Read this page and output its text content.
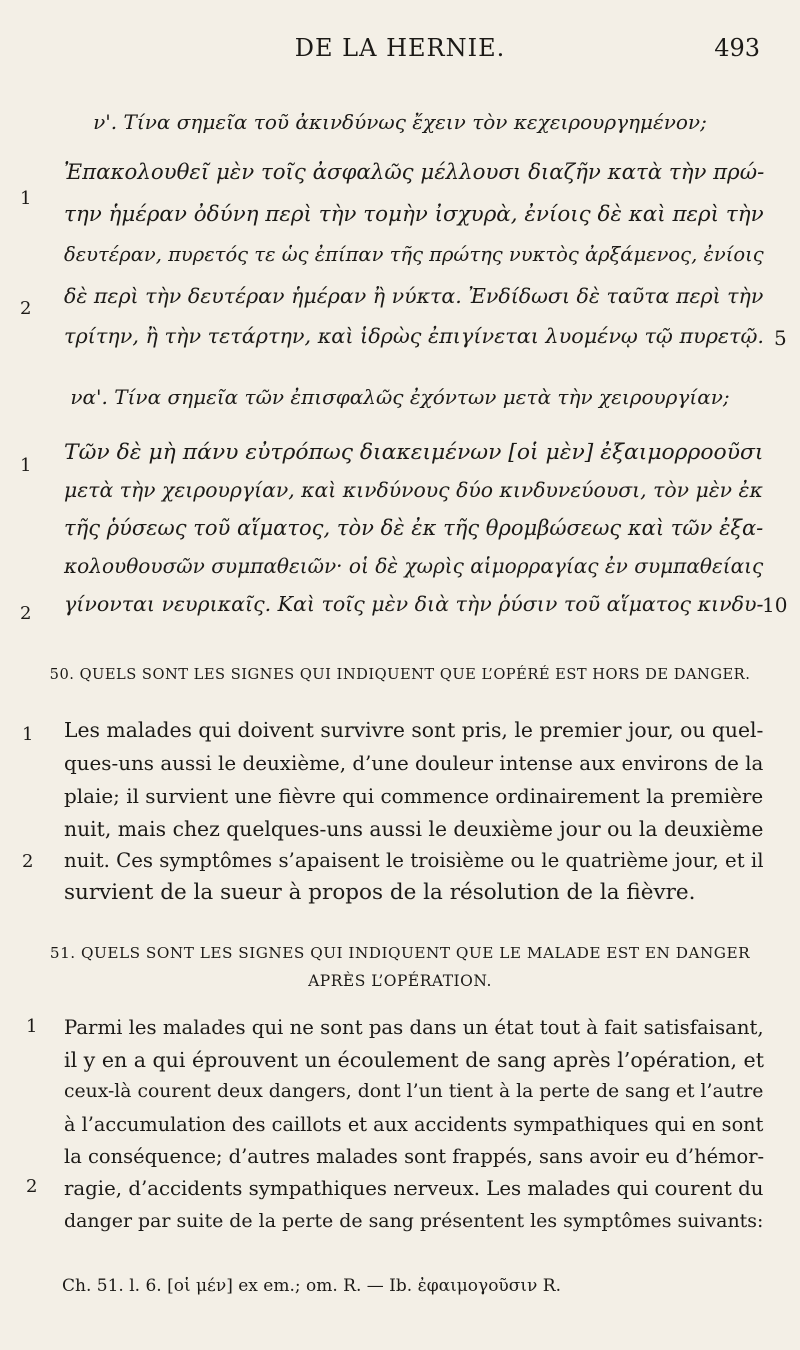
DE LA HERNIE.	493
ν'. Τίνα σημεῖα τοῦ ἀκινδύνως ἔχειν τὸν κεχειρουργημένον;
Ἐπακολουθεῖ μὲν τοῖς ἀσφαλῶς μέλλουσι διαζῆν κατὰ τὴν πρώ-
την ἡμέραν ὀδύνη περὶ τὴν τομὴν ἰσχυρὰ, ἐνίοις δὲ καὶ περὶ τὴν
δευτέραν, πυρετός τε ὡς ἐπίπαν τῆς πρώτης νυκτὸς ἀρξάμενος, ἐνίοις
δὲ περὶ τὴν δευτέραν ἡμέραν ἢ νύκτα. Ἐνδίδωσι δὲ ταῦτα περὶ τὴν
τρίτην, ἢ τὴν τετάρτην, καὶ ἱδρὼς ἐπιγίνεται λυομένῳ τῷ πυρετῷ.
1
2
5
να'. Τίνα σημεῖα τῶν ἐπισφαλῶς ἐχόντων μετὰ τὴν χειρουργίαν;
Τῶν δὲ μὴ πάνυ εὐτρόπως διακειμένων [οἱ μὲν] ἐξαιμορροοῦσι
μετὰ τὴν χειρουργίαν, καὶ κινδύνους δύο κινδυνεύουσι, τὸν μὲν ἐκ
τῆς ῥύσεως τοῦ αἵματος, τὸν δὲ ἐκ τῆς θρομβώσεως καὶ τῶν ἐξα-
κολουθουσῶν συμπαθειῶν· οἱ δὲ χωρὶς αἱμορραγίας ἐν συμπαθείαις
γίνονται νευρικαῖς. Καὶ τοῖς μὲν διὰ τὴν ῥύσιν τοῦ αἵματος κινδυ-
1
2	10
50. QUELS SONT LES SIGNES QUI INDIQUENT QUE L’OPÉRÉ EST HORS DE DANGER.
Les malades qui doivent survivre sont pris, le premier jour, ou quel-
ques-uns aussi le deuxième, d’une douleur intense aux environs de la
plaie; il survient une fièvre qui commence ordinairement la première
nuit, mais chez quelques-uns aussi le deuxième jour ou la deuxième
nuit. Ces symptômes s’apaisent le troisième ou le quatrième jour, et il
survient de la sueur à propos de la résolution de la fièvre.
1
2
51. QUELS SONT LES SIGNES QUI INDIQUENT QUE LE MALADE EST EN DANGER
APRÈS L’OPÉRATION.
Parmi les malades qui ne sont pas dans un état tout à fait satisfaisant,
il y en a qui éprouvent un écoulement de sang après l’opération, et
ceux-là courent deux dangers, dont l’un tient à la perte de sang et l’autre
à l’accumulation des caillots et aux accidents sympathiques qui en sont
la conséquence; d’autres malades sont frappés, sans avoir eu d’hémor-
ragie, d’accidents sympathiques nerveux. Les malades qui courent du
danger par suite de la perte de sang présentent les symptômes suivants:
1
2
Ch. 51. l. 6. [οἱ μέν] ex em.; om. R. — Ib. ἐφαιμογοῦσιν R.
